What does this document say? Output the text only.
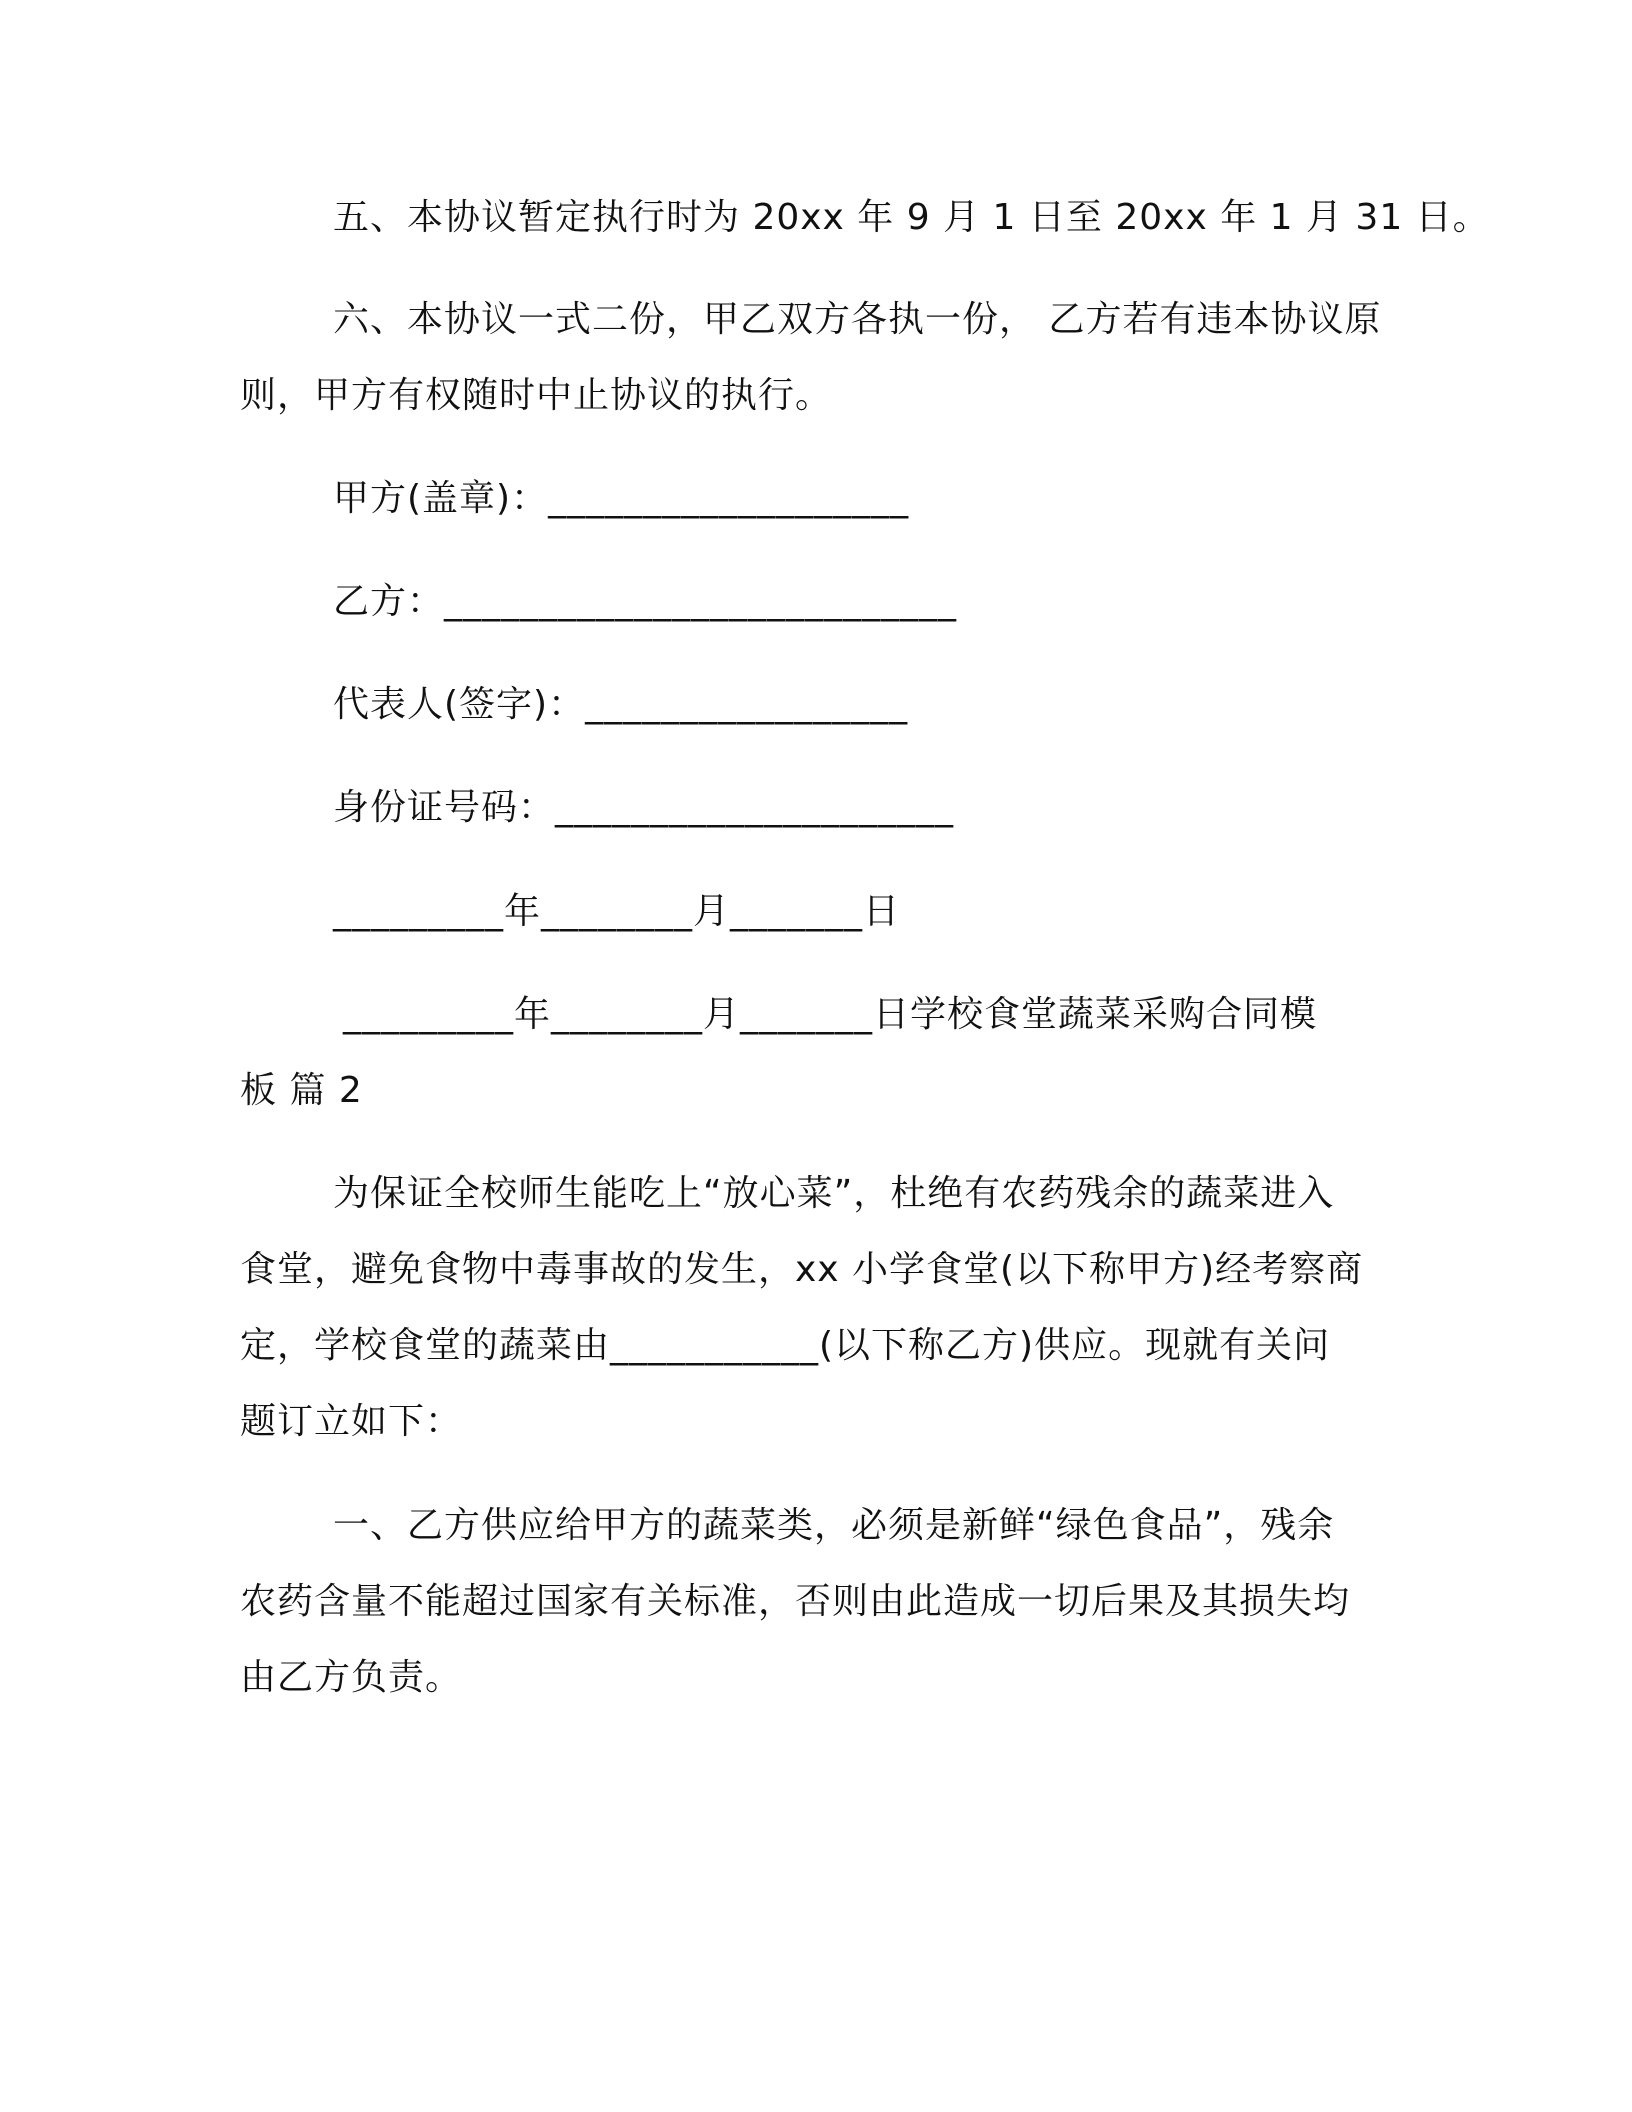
五、本协议暂定执行时为 20xx 年 9 月 1 日至 20xx 年 1 月 31 日。
六、本协议一式二份，甲乙双方各执一份， 乙方若有违本协议原
则，甲方有权随时中止协议的执行。
甲方(盖章)：___________________
乙方：___________________________
代表人(签字)：_________________
身份证号码：_____________________
_________年________月_______日
_________年________月_______日学校食堂蔬菜采购合同模
板 篇 2
为保证全校师生能吃上“放心菜”，杜绝有农药残余的蔬菜进入
食堂，避免食物中毒事故的发生，xx 小学食堂(以下称甲方)经考察商
定，学校食堂的蔬菜由___________(以下称乙方)供应。现就有关问
题订立如下：
一、乙方供应给甲方的蔬菜类，必须是新鲜“绿色食品”，残余
农药含量不能超过国家有关标准，否则由此造成一切后果及其损失均
由乙方负责。
